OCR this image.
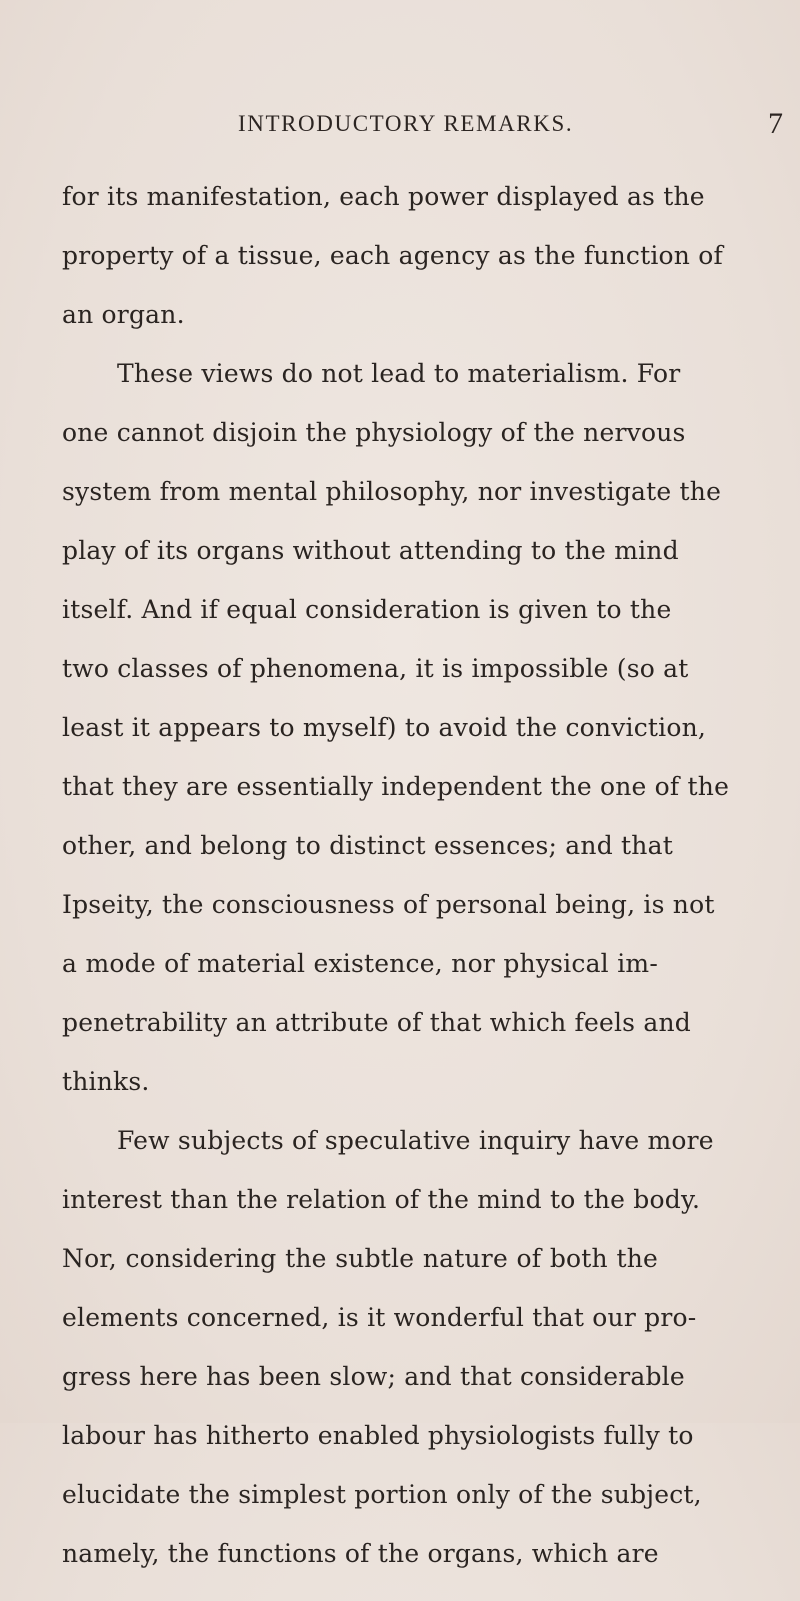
INTRODUCTORY REMARKS.	7
for its manifestation, each power displayed as the
property of a tissue, each agency as the function of
an organ.
These views do not lead to materialism. For
one cannot disjoin the physiology of the nervous
system from mental philosophy, nor investigate the
play of its organs without attending to the mind
itself. And if equal consideration is given to the
two classes of phenomena, it is impossible (so at
least it appears to myself) to avoid the conviction,
that they are essentially independent the one of the
other, and belong to distinct essences; and that
Ipseity, the consciousness of personal being, is not
a mode of material existence, nor physical im-
penetrability an attribute of that which feels and
thinks.
Few subjects of speculative inquiry have more
interest than the relation of the mind to the body.
Nor, considering the subtle nature of both the
elements concerned, is it wonderful that our pro-
gress here has been slow; and that considerable
labour has hitherto enabled physiologists fully to
elucidate the simplest portion only of the subject,
namely, the functions of the organs, which are
